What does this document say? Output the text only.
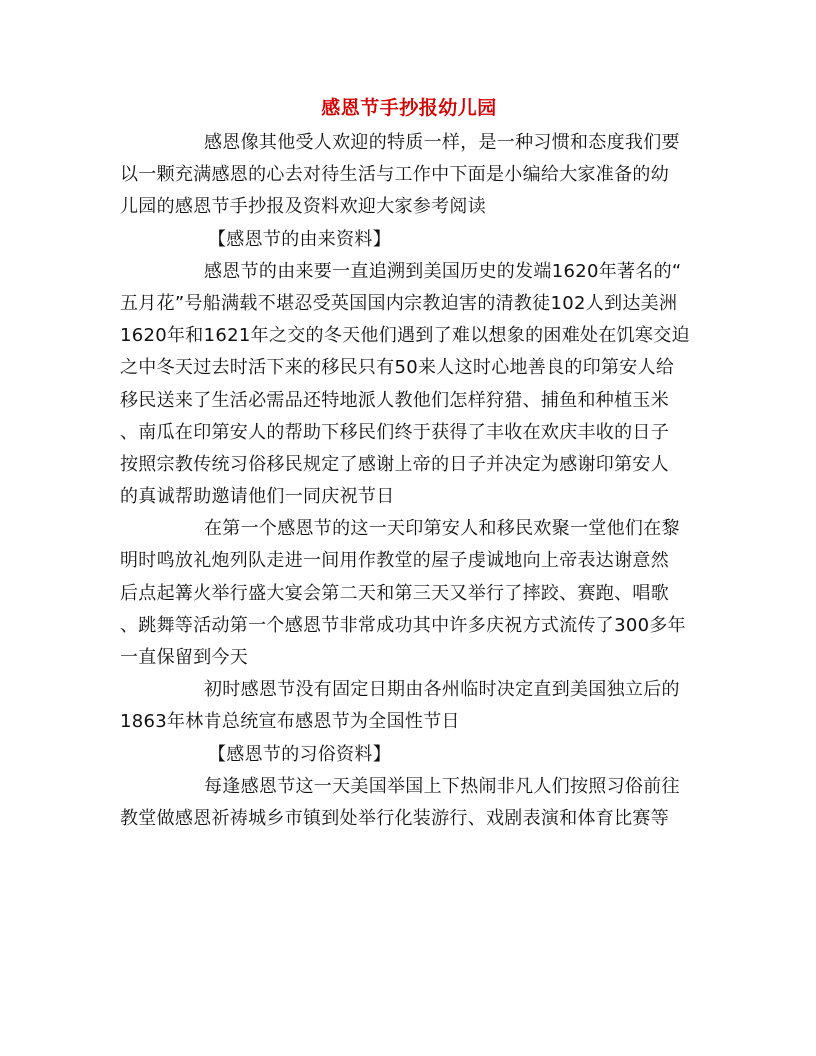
感恩节手抄报幼儿园
感恩像其他受人欢迎的特质一样，是一种习惯和态度我们要
以一颗充满感恩的心去对待生活与工作中下面是小编给大家准备的幼
儿园的感恩节手抄报及资料欢迎大家参考阅读
【感恩节的由来资料】
感恩节的由来要一直追溯到美国历史的发端1620年著名的“
五月花”号船满载不堪忍受英国国内宗教迫害的清教徒102人到达美洲
1620年和1621年之交的冬天他们遇到了难以想象的困难处在饥寒交迫
之中冬天过去时活下来的移民只有50来人这时心地善良的印第安人给
移民送来了生活必需品还特地派人教他们怎样狩猎、捕鱼和种植玉米
、南瓜在印第安人的帮助下移民们终于获得了丰收在欢庆丰收的日子
按照宗教传统习俗移民规定了感谢上帝的日子并决定为感谢印第安人
的真诚帮助邀请他们一同庆祝节日
在第一个感恩节的这一天印第安人和移民欢聚一堂他们在黎
明时鸣放礼炮列队走进一间用作教堂的屋子虔诚地向上帝表达谢意然
后点起篝火举行盛大宴会第二天和第三天又举行了摔跤、赛跑、唱歌
、跳舞等活动第一个感恩节非常成功其中许多庆祝方式流传了300多年
一直保留到今天
初时感恩节没有固定日期由各州临时决定直到美国独立后的
1863年林肯总统宣布感恩节为全国性节日
【感恩节的习俗资料】
每逢感恩节这一天美国举国上下热闹非凡人们按照习俗前往
教堂做感恩祈祷城乡市镇到处举行化装游行、戏剧表演和体育比赛等
